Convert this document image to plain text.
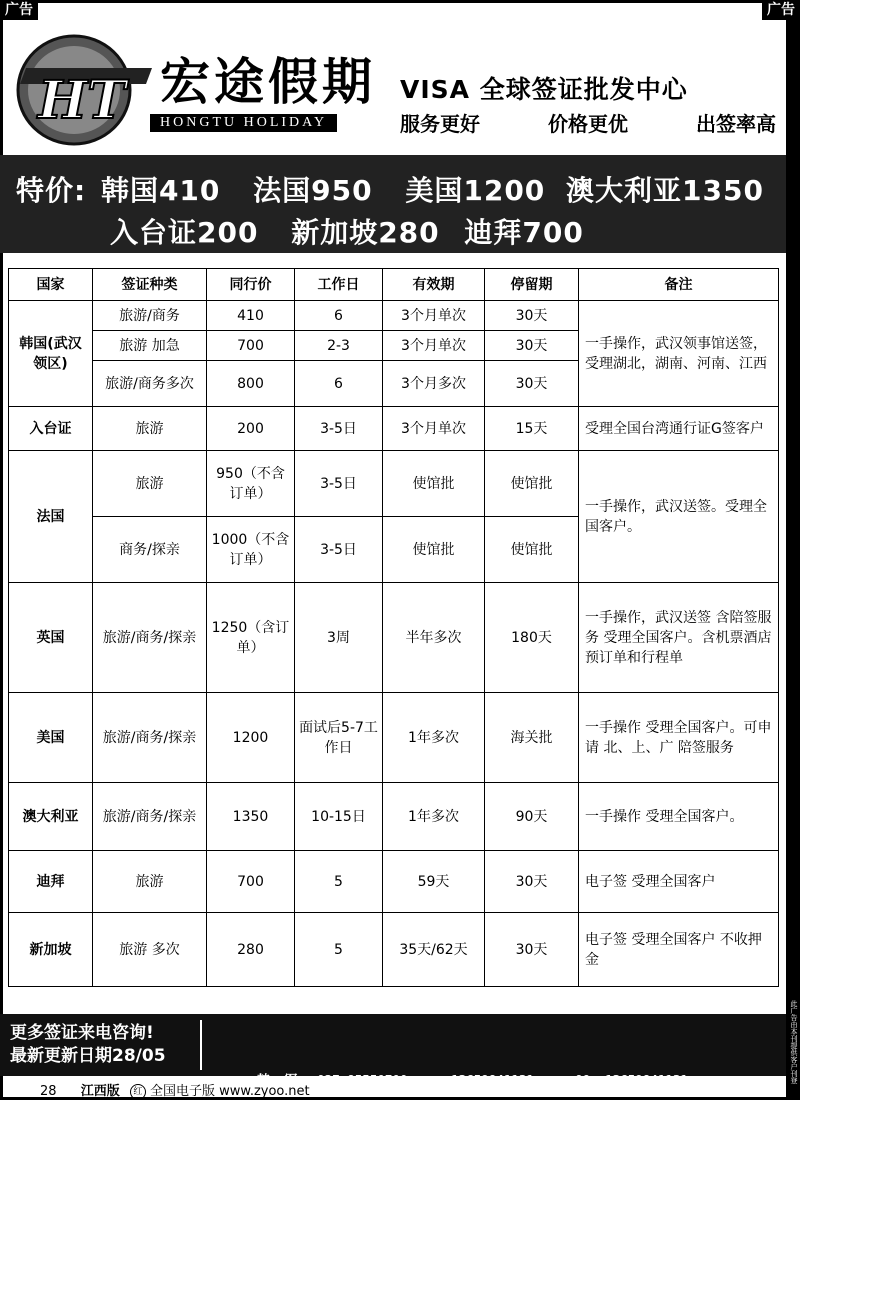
广告	广告
此广告由本刊提供客户刊登
HT 宏途假期
HONGTU HOLIDAY
VISA 全球签证批发中心
服务更好	价格更优	出签率高
特价: 韩国410 法国950 美国1200 澳大利亚1350
入台证200 新加坡280 迪拜700
国家	签证种类	同行价	工作日	有效期	停留期	备注
韩国(武汉领区)	旅游/商务	410	6	3个月单次	30天	一手操作，武汉领事馆送签，受理湖北，湖南、河南、江西
	旅游 加急	700	2-3	3个月单次	30天	
	旅游/商务多次	800	6	3个月多次	30天	
入台证	旅游	200	3-5日	3个月单次	15天	受理全国台湾通行证G签客户
法国	旅游	950（不含订单）	3-5日	使馆批	使馆批	一手操作，武汉送签。受理全国客户。
	商务/探亲	1000（不含订单）	3-5日	使馆批	使馆批	
英国	旅游/商务/探亲	1250（含订单）	3周	半年多次	180天	一手操作，武汉送签 含陪签服务 受理全国客户。含机票酒店预订单和行程单
美国	旅游/商务/探亲	1200	面试后5-7工作日	1年多次	海关批	一手操作 受理全国客户。可申请 北、上、广 陪签服务
澳大利亚	旅游/商务/探亲	1350	10-15日	1年多次	90天	一手操作 受理全国客户。
迪拜	旅游	700	5	59天	30天	电子签 受理全国客户
新加坡	旅游 多次	280	5	35天/62天	30天	电子签 受理全国客户 不收押金
更多签证来电咨询!
最新更新日期28/05

韩  军: 027-85550700	13659841131	QQ: 13659841131	905094362

Emily: 027-85550701	18971548360	QQ: 2724907391	1045917134

Sophia: 027-51334933	13986069104	QQ: 2875027413	2875027413

28 江西版 红 全国电子版 www.zyoo.net
